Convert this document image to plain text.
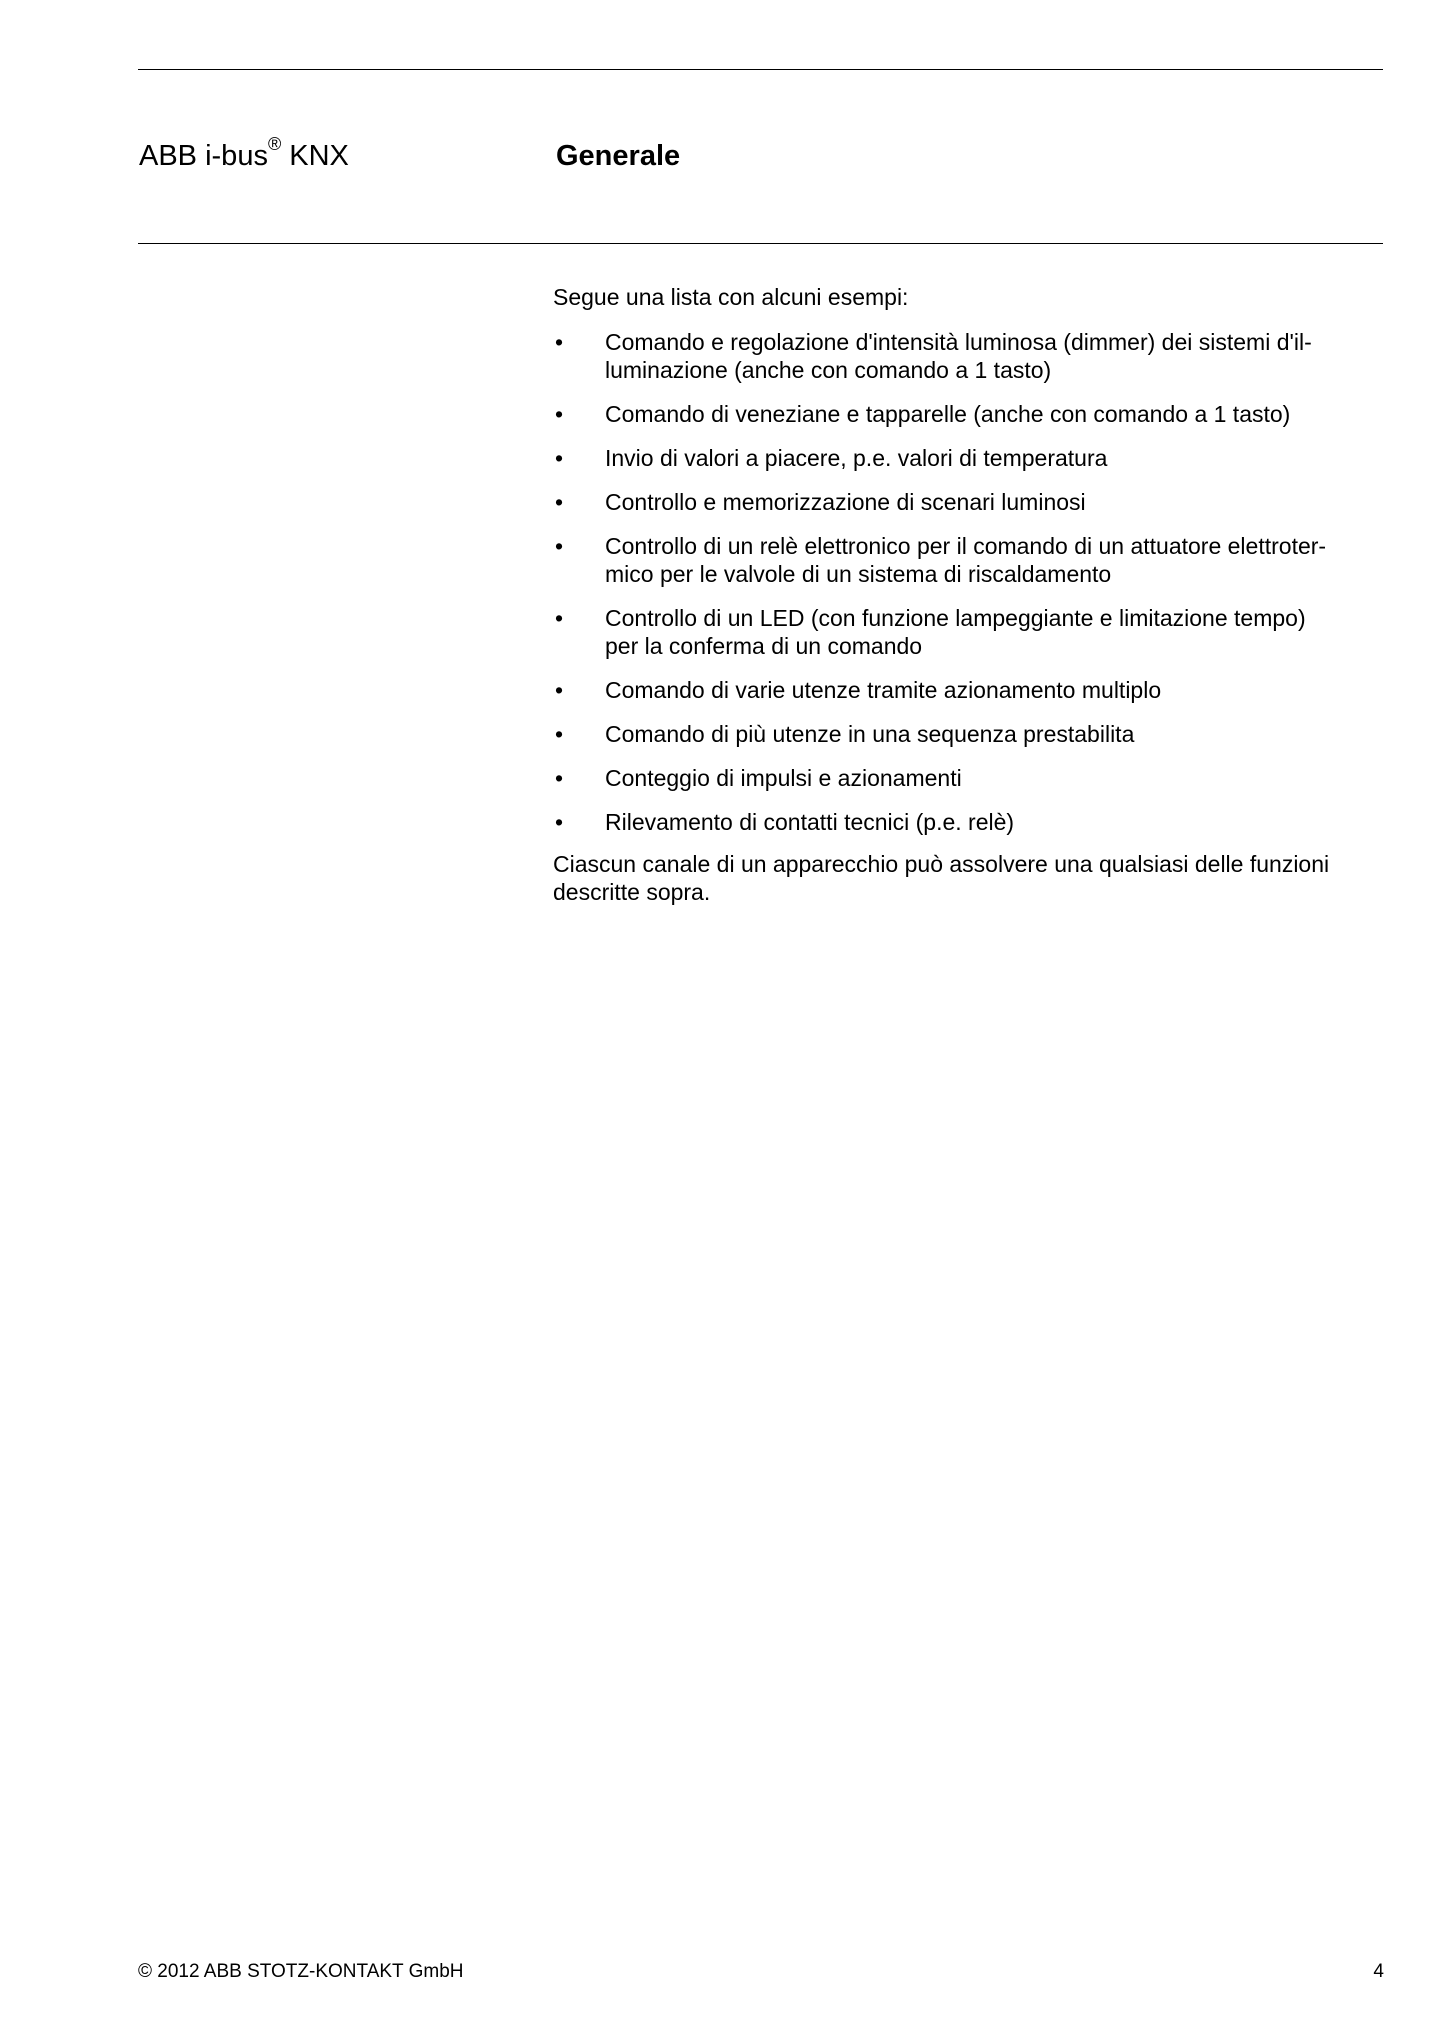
ABB i-bus® KNX	Generale

Segue una lista con alcuni esempi:

• Comando e regolazione d'intensità luminosa (dimmer) dei sistemi d'il-
luminazione (anche con comando a 1 tasto)
• Comando di veneziane e tapparelle (anche con comando a 1 tasto)
• Invio di valori a piacere, p.e. valori di temperatura
• Controllo e memorizzazione di scenari luminosi
• Controllo di un relè elettronico per il comando di un attuatore elettroter-
mico per le valvole di un sistema di riscaldamento
• Controllo di un LED (con funzione lampeggiante e limitazione tempo)
per la conferma di un comando
• Comando di varie utenze tramite azionamento multiplo
• Comando di più utenze in una sequenza prestabilita
• Conteggio di impulsi e azionamenti
• Rilevamento di contatti tecnici (p.e. relè)

Ciascun canale di un apparecchio può assolvere una qualsiasi delle funzioni
descritte sopra.

© 2012 ABB STOTZ-KONTAKT GmbH	4
